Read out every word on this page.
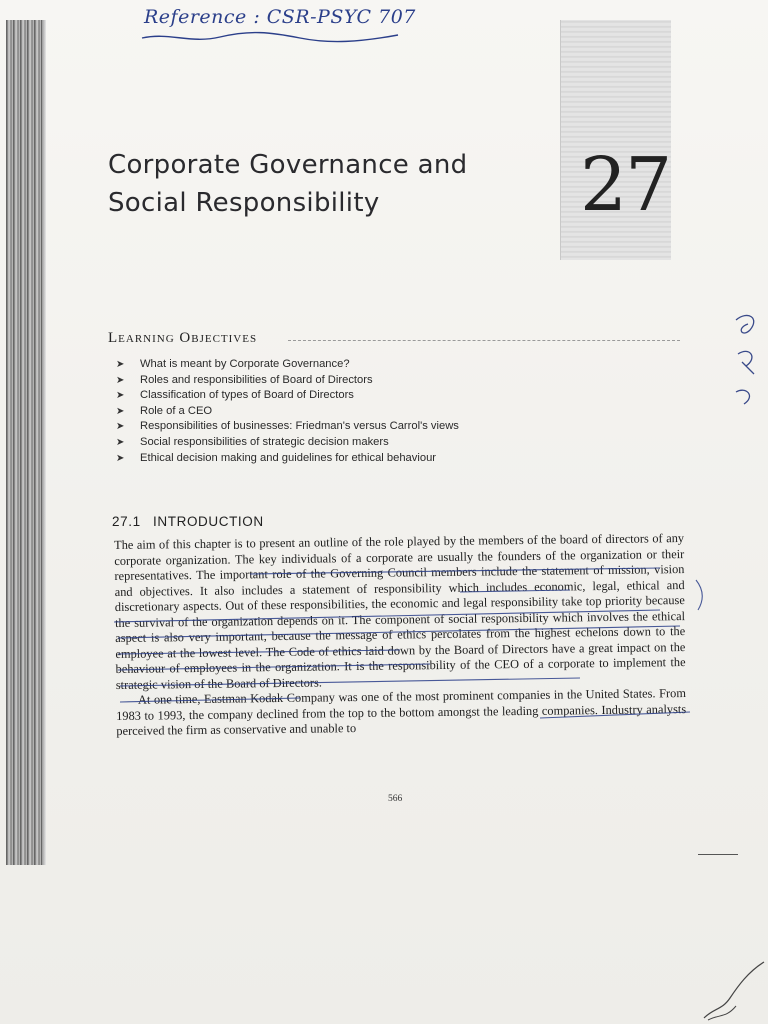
Reference : CSR-PSYC 707
27
Corporate Governance and
Social Responsibility
Learning Objectives
➤	What is meant by Corporate Governance?
➤	Roles and responsibilities of Board of Directors
➤	Classification of types of Board of Directors
➤	Role of a CEO
➤	Responsibilities of businesses: Friedman's versus Carrol's views
➤	Social responsibilities of strategic decision makers
➤	Ethical decision making and guidelines for ethical behaviour
27.1 INTRODUCTION

The aim of this chapter is to present an outline of the role played by the members of the board of directors of any corporate organization. The key individuals of a corporate are usually the founders of the organization or their representatives. The important role of the Governing Council members include the statement of mission, vision and objectives. It also includes a statement of responsibility which includes economic, legal, ethical and discretionary aspects. Out of these responsibilities, the economic and legal responsibility take top priority because the survival of the organization depends on it. The component of social responsibility which involves the ethical aspect is also very important, because the message of ethics percolates from the highest echelons down to the employee at the lowest level. The Code of ethics laid down by the Board of Directors have a great impact on the behaviour of employees in the organization. It is the responsibility of the CEO of a corporate to implement the strategic vision of the Board of Directors.

At one time, Eastman Kodak Company was one of the most prominent companies in the United States. From 1983 to 1993, the company declined from the top to the bottom amongst the leading companies. Industry analysts perceived the firm as conservative and unable to

566
